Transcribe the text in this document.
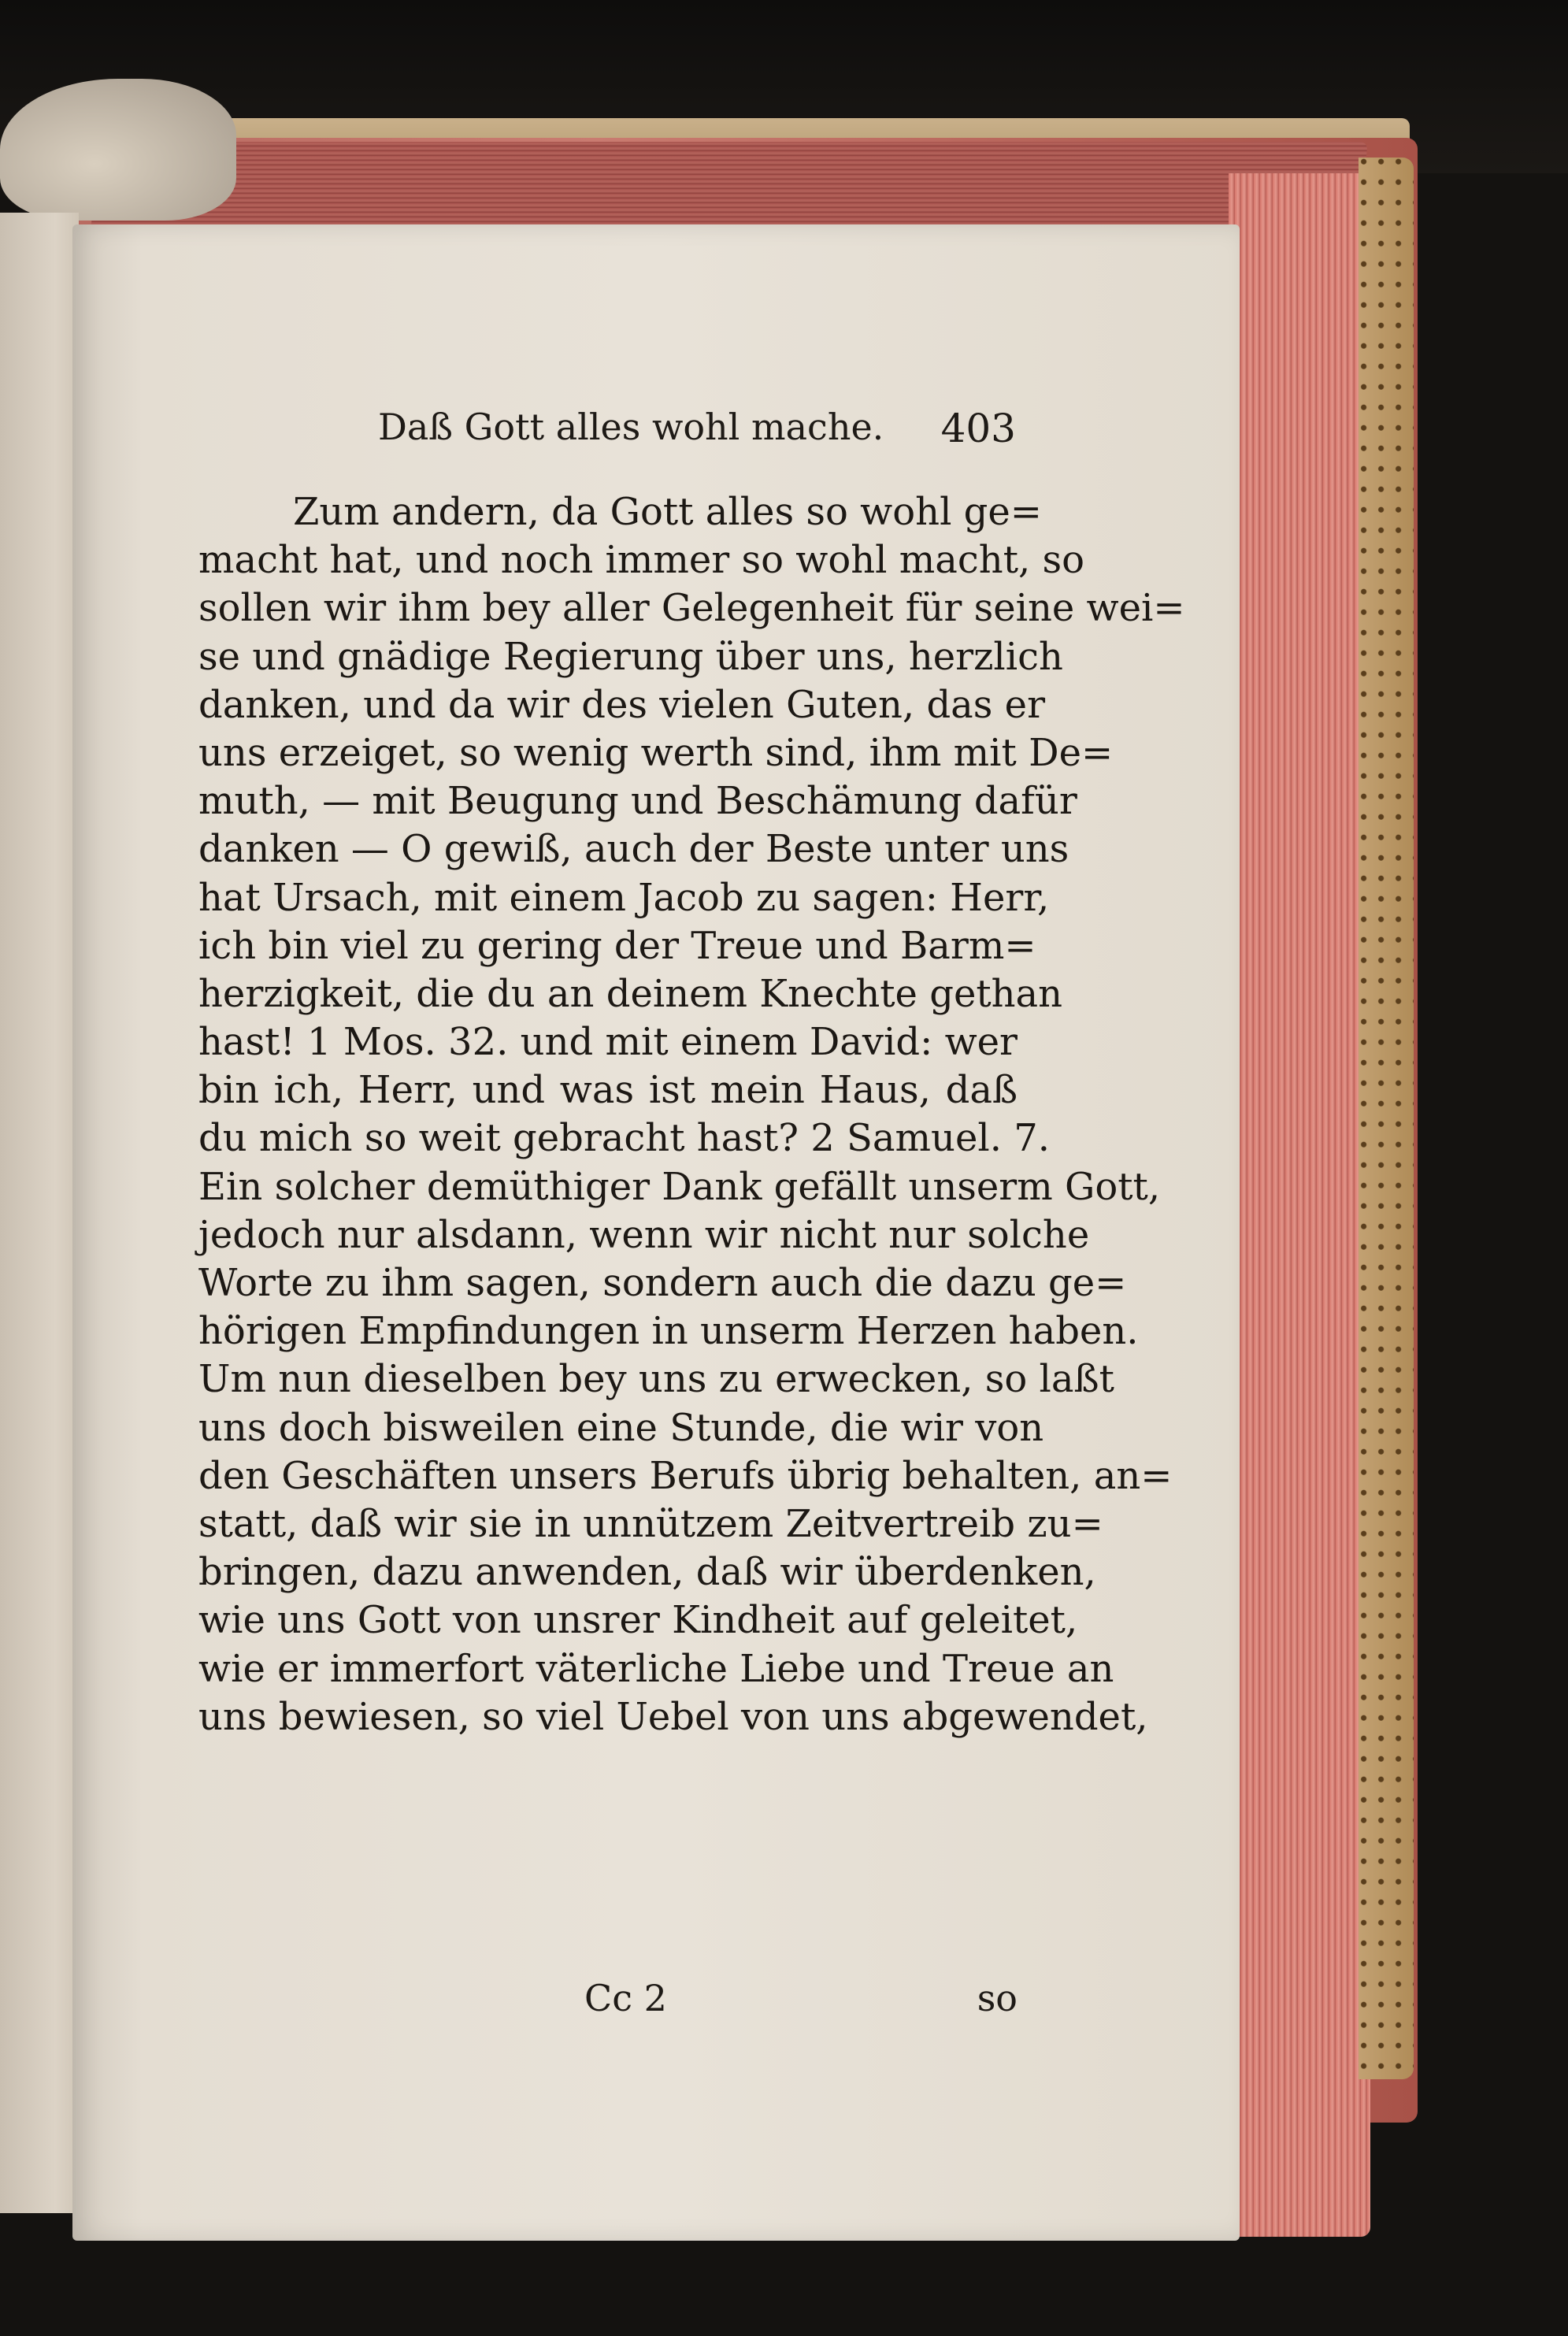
Daß Gott alles wohl mache. 403
Zum andern, da Gott alles so wohl ge=
macht hat, und noch immer so wohl macht, so
sollen wir ihm bey aller Gelegenheit für seine wei=
se und gnädige Regierung über uns, herzlich
danken, und da wir des vielen Guten, das er
uns erzeiget, so wenig werth sind, ihm mit De=
muth, — mit Beugung und Beschämung dafür
danken — O gewiß, auch der Beste unter uns
hat Ursach, mit einem Jacob zu sagen: Herr,
ich bin viel zu gering der Treue und Barm=
herzigkeit, die du an deinem Knechte gethan
hast! 1 Mos. 32. und mit einem David: wer
bin ich, Herr, und was ist mein Haus, daß
du mich so weit gebracht hast? 2 Samuel. 7.
Ein solcher demüthiger Dank gefällt unserm Gott,
jedoch nur alsdann, wenn wir nicht nur solche
Worte zu ihm sagen, sondern auch die dazu ge=
hörigen Empfindungen in unserm Herzen haben.
Um nun dieselben bey uns zu erwecken, so laßt
uns doch bisweilen eine Stunde, die wir von
den Geschäften unsers Berufs übrig behalten, an=
statt, daß wir sie in unnützem Zeitvertreib zu=
bringen, dazu anwenden, daß wir überdenken,
wie uns Gott von unsrer Kindheit auf geleitet,
wie er immerfort väterliche Liebe und Treue an
uns bewiesen, so viel Uebel von uns abgewendet,
Cc 2	so
